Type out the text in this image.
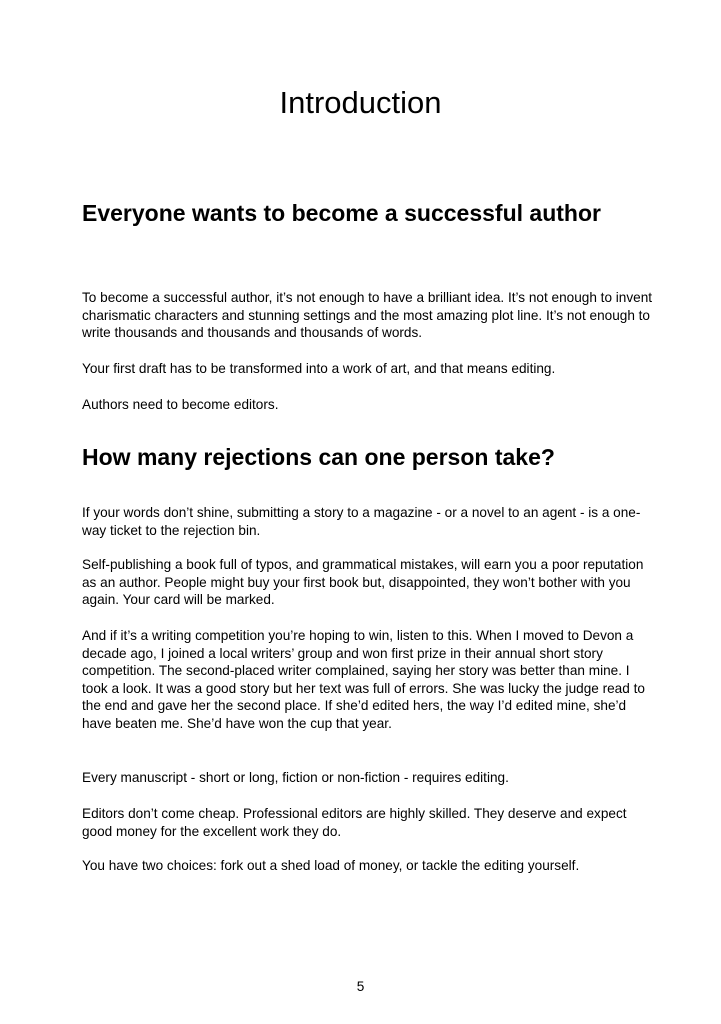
Introduction
Everyone wants to become a successful author

To become a successful author, it’s not enough to have a brilliant idea. It’s not enough to invent charismatic characters and stunning settings and the most amazing plot line. It’s not enough to write thousands and thousands and thousands of words.

Your first draft has to be transformed into a work of art, and that means editing.

Authors need to become editors.

How many rejections can one person take?

If your words don’t shine, submitting a story to a magazine - or a novel to an agent - is a one-way ticket to the rejection bin.

Self-publishing a book full of typos, and grammatical mistakes, will earn you a poor reputation as an author. People might buy your first book but, disappointed, they won’t bother with you again. Your card will be marked.

And if it’s a writing competition you’re hoping to win, listen to this. When I moved to Devon a decade ago, I joined a local writers’ group and won first prize in their annual short story competition. The second-placed writer complained, saying her story was better than mine. I took a look. It was a good story but her text was full of errors. She was lucky the judge read to the end and gave her the second place. If she’d edited hers, the way I’d edited mine, she’d have beaten me. She’d have won the cup that year.

Every manuscript - short or long, fiction or non-fiction - requires editing.

Editors don’t come cheap. Professional editors are highly skilled. They deserve and expect good money for the excellent work they do.

You have two choices: fork out a shed load of money, or tackle the editing yourself.

5
